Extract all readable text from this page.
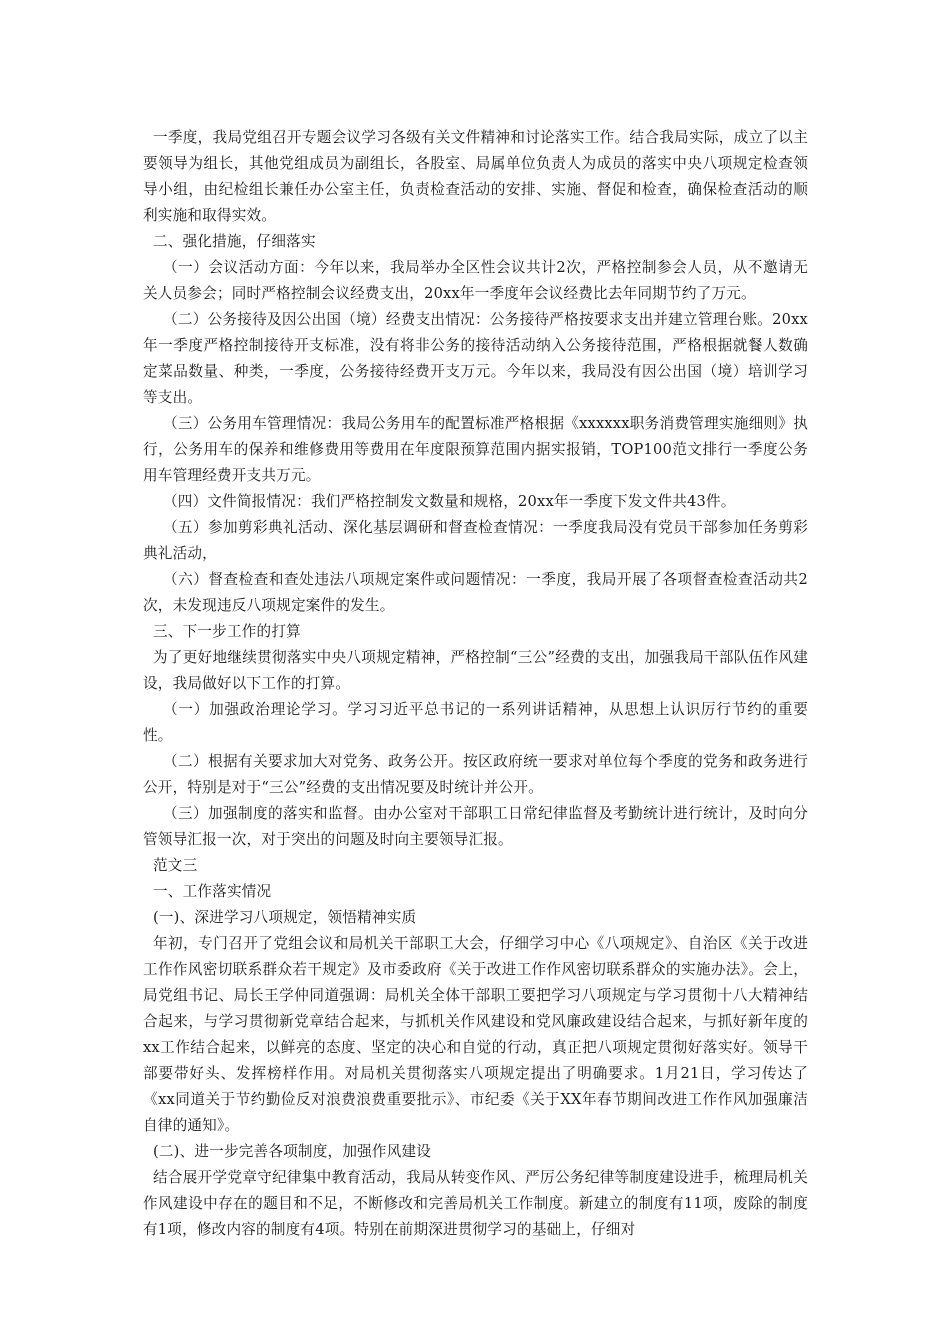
一季度，我局党组召开专题会议学习各级有关文件精神和讨论落实工作。结合我局实际，成立了以主要领导为组长，其他党组成员为副组长，各股室、局属单位负责人为成员的落实中央八项规定检查领导小组，由纪检组长兼任办公室主任，负责检查活动的安排、实施、督促和检查，确保检查活动的顺利实施和取得实效。

二、强化措施，仔细落实

（一）会议活动方面：今年以来，我局举办全区性会议共计2次，严格控制参会人员，从不邀请无关人员参会；同时严格控制会议经费支出，20xx年一季度年会议经费比去年同期节约了万元。

（二）公务接待及因公出国（境）经费支出情况：公务接待严格按要求支出并建立管理台账。20xx年一季度严格控制接待开支标准，没有将非公务的接待活动纳入公务接待范围，严格根据就餐人数确定菜品数量、种类，一季度，公务接待经费开支万元。今年以来，我局没有因公出国（境）培训学习等支出。

（三）公务用车管理情况：我局公务用车的配置标准严格根据《xxxxxx职务消费管理实施细则》执行，公务用车的保养和维修费用等费用在年度限预算范围内据实报销，TOP100范文排行一季度公务用车管理经费开支共万元。

（四）文件简报情况：我们严格控制发文数量和规格，20xx年一季度下发文件共43件。

（五）参加剪彩典礼活动、深化基层调研和督查检查情况：一季度我局没有党员干部参加任务剪彩典礼活动，

（六）督查检查和查处违法八项规定案件或问题情况：一季度，我局开展了各项督查检查活动共2次，未发现违反八项规定案件的发生。

三、下一步工作的打算

为了更好地继续贯彻落实中央八项规定精神，严格控制“三公”经费的支出，加强我局干部队伍作风建设，我局做好以下工作的打算。

（一）加强政治理论学习。学习习近平总书记的一系列讲话精神，从思想上认识厉行节约的重要性。

（二）根据有关要求加大对党务、政务公开。按区政府统一要求对单位每个季度的党务和政务进行公开，特别是对于“三公”经费的支出情况要及时统计并公开。

（三）加强制度的落实和监督。由办公室对干部职工日常纪律监督及考勤统计进行统计，及时向分管领导汇报一次，对于突出的问题及时向主要领导汇报。

范文三

一、工作落实情况

(一)、深进学习八项规定，领悟精神实质

年初，专门召开了党组会议和局机关干部职工大会，仔细学习中心《八项规定》、自治区《关于改进工作作风密切联系群众若干规定》及市委政府《关于改进工作作风密切联系群众的实施办法》。会上，局党组书记、局长王学仲同道强调：局机关全体干部职工要把学习八项规定与学习贯彻十八大精神结合起来，与学习贯彻新党章结合起来，与抓机关作风建设和党风廉政建设结合起来，与抓好新年度的xx工作结合起来，以鲜亮的态度、坚定的决心和自觉的行动，真正把八项规定贯彻好落实好。领导干部要带好头、发挥榜样作用。对局机关贯彻落实八项规定提出了明确要求。1月21日，学习传达了《xx同道关于节约勤俭反对浪费浪费重要批示》、市纪委《关于XX年春节期间改进工作作风加强廉洁自律的通知》。

(二)、进一步完善各项制度，加强作风建设

结合展开学党章守纪律集中教育活动，我局从转变作风、严厉公务纪律等制度建设进手，梳理局机关作风建设中存在的题目和不足，不断修改和完善局机关工作制度。新建立的制度有11项，废除的制度有1项，修改内容的制度有4项。特别在前期深进贯彻学习的基础上，仔细对
